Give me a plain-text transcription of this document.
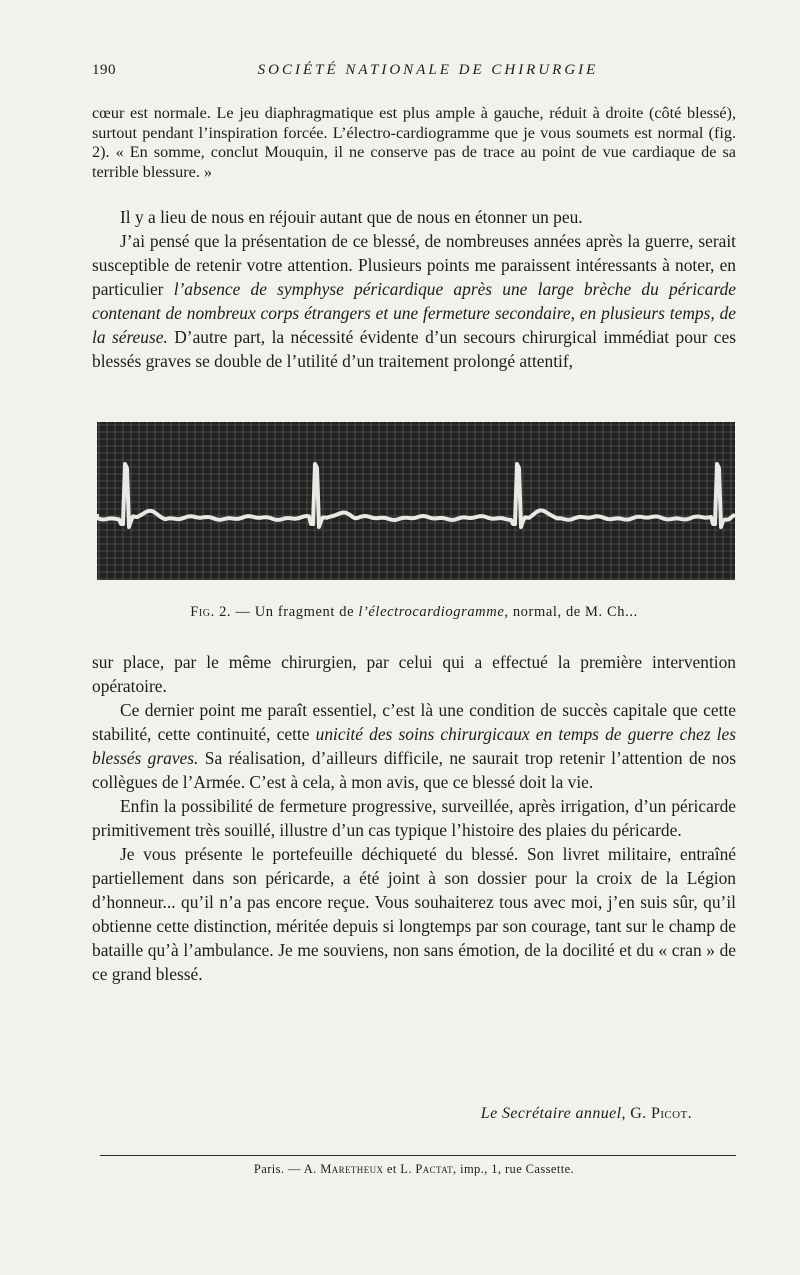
190	SOCIÉTÉ NATIONALE DE CHIRURGIE

cœur est normale. Le jeu diaphragmatique est plus ample à gauche, réduit à droite (côté blessé), surtout pendant l’inspiration forcée. L’électro-cardiogramme que je vous soumets est normal (fig. 2). « En somme, conclut Mouquin, il ne conserve pas de trace au point de vue cardiaque de sa terrible blessure. »

Il y a lieu de nous en réjouir autant que de nous en étonner un peu.

J’ai pensé que la présentation de ce blessé, de nombreuses années après la guerre, serait susceptible de retenir votre attention. Plusieurs points me paraissent intéressants à noter, en particulier l’absence de symphyse péricardique après une large brèche du péricarde contenant de nombreux corps étrangers et une fermeture secondaire, en plusieurs temps, de la séreuse. D’autre part, la nécessité évidente d’un secours chirurgical immédiat pour ces blessés graves se double de l’utilité d’un traitement prolongé attentif,

Fig. 2. — Un fragment de l’électrocardiogramme, normal, de M. Ch...

sur place, par le même chirurgien, par celui qui a effectué la première intervention opératoire.

Ce dernier point me paraît essentiel, c’est là une condition de succès capitale que cette stabilité, cette continuité, cette unicité des soins chirurgicaux en temps de guerre chez les blessés graves. Sa réalisation, d’ailleurs difficile, ne saurait trop retenir l’attention de nos collègues de l’Armée. C’est à cela, à mon avis, que ce blessé doit la vie.

Enfin la possibilité de fermeture progressive, surveillée, après irrigation, d’un péricarde primitivement très souillé, illustre d’un cas typique l’histoire des plaies du péricarde.

Je vous présente le portefeuille déchiqueté du blessé. Son livret militaire, entraîné partiellement dans son péricarde, a été joint à son dossier pour la croix de la Légion d’honneur... qu’il n’a pas encore reçue. Vous souhaiterez tous avec moi, j’en suis sûr, qu’il obtienne cette distinction, méritée depuis si longtemps par son courage, tant sur le champ de bataille qu’à l’ambulance. Je me souviens, non sans émotion, de la docilité et du « cran » de ce grand blessé.

Le Secrétaire annuel, G. Picot.
Paris. — A. Maretheux et L. Pactat, imp., 1, rue Cassette.
